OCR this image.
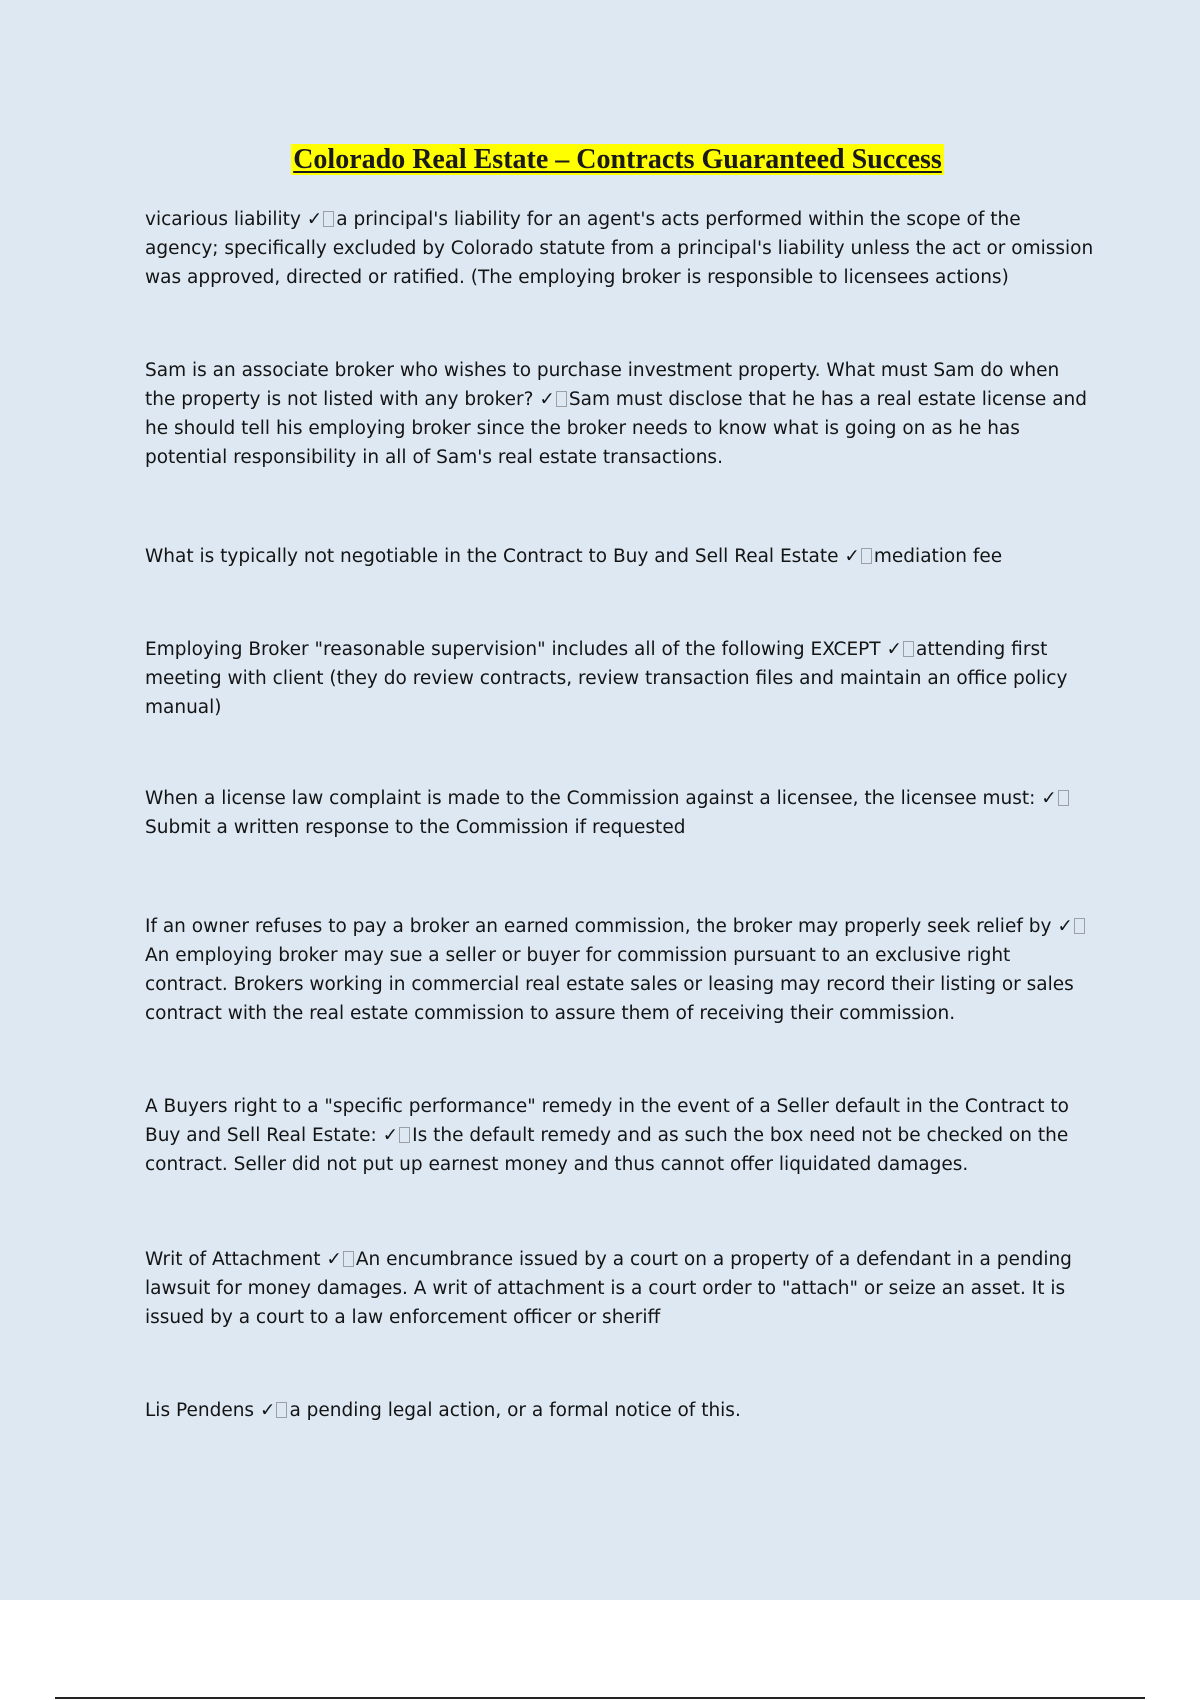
Colorado Real Estate – Contracts Guaranteed Success

vicarious liability ✓ a principal's liability for an agent's acts performed within the scope of the agency; specifically excluded by Colorado statute from a principal's liability unless the act or omission was approved, directed or ratified. (The employing broker is responsible to licensees actions)

Sam is an associate broker who wishes to purchase investment property. What must Sam do when the property is not listed with any broker? ✓ Sam must disclose that he has a real estate license and he should tell his employing broker since the broker needs to know what is going on as he has potential responsibility in all of Sam's real estate transactions.

What is typically not negotiable in the Contract to Buy and Sell Real Estate ✓ mediation fee

Employing Broker "reasonable supervision" includes all of the following EXCEPT ✓ attending first meeting with client (they do review contracts, review transaction files and maintain an office policy manual)

When a license law complaint is made to the Commission against a licensee, the licensee must: ✓Submit a written response to the Commission if requested

If an owner refuses to pay a broker an earned commission, the broker may properly seek relief by ✓An employing broker may sue a seller or buyer for commission pursuant to an exclusive right contract. Brokers working in commercial real estate sales or leasing may record their listing or sales contract with the real estate commission to assure them of receiving their commission.

A Buyers right to a "specific performance" remedy in the event of a Seller default in the Contract to Buy and Sell Real Estate: ✓ Is the default remedy and as such the box need not be checked on the contract. Seller did not put up earnest money and thus cannot offer liquidated damages.

Writ of Attachment ✓ An encumbrance issued by a court on a property of a defendant in a pending lawsuit for money damages. A writ of attachment is a court order to "attach" or seize an asset. It is issued by a court to a law enforcement officer or sheriff

Lis Pendens ✓ a pending legal action, or a formal notice of this.
